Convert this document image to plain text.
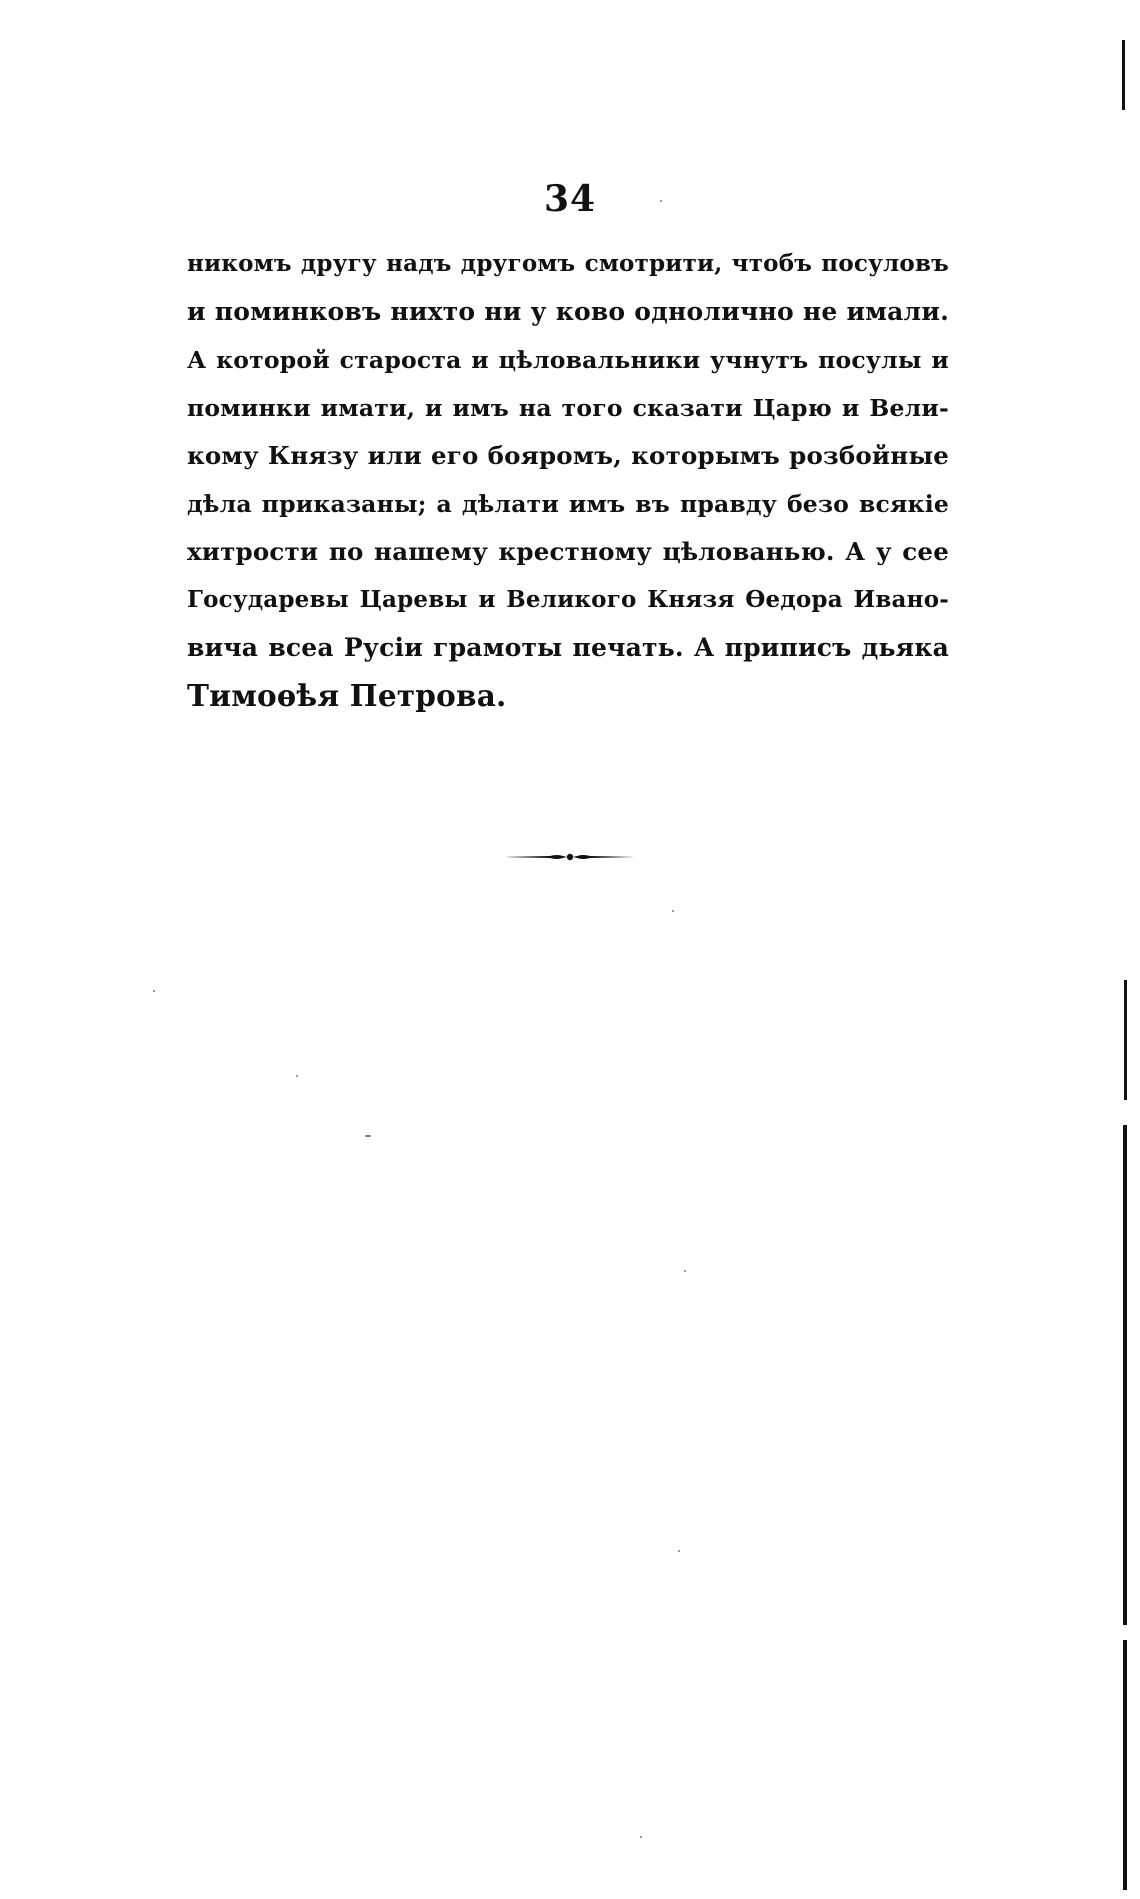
34
никомъ другу надъ другомъ смотрити, чтобъ посуловъ
и поминковъ нихто ни у ково однолично не имали.
А которой староста и цѣловальники учнутъ посулы и
поминки имати, и имъ на того сказати Царю и Вели-
кому Князу или его бояромъ, которымъ розбойные
дѣла приказаны; а дѣлати имъ въ правду безо всякіе
хитрости по нашему крестному цѣлованью. А у сее
Государевы Царевы и Великого Князя Ѳедора Ивано-
вича всеа Русіи грамоты печать. А приписъ дьяка
Тимоѳѣя Петрова.
